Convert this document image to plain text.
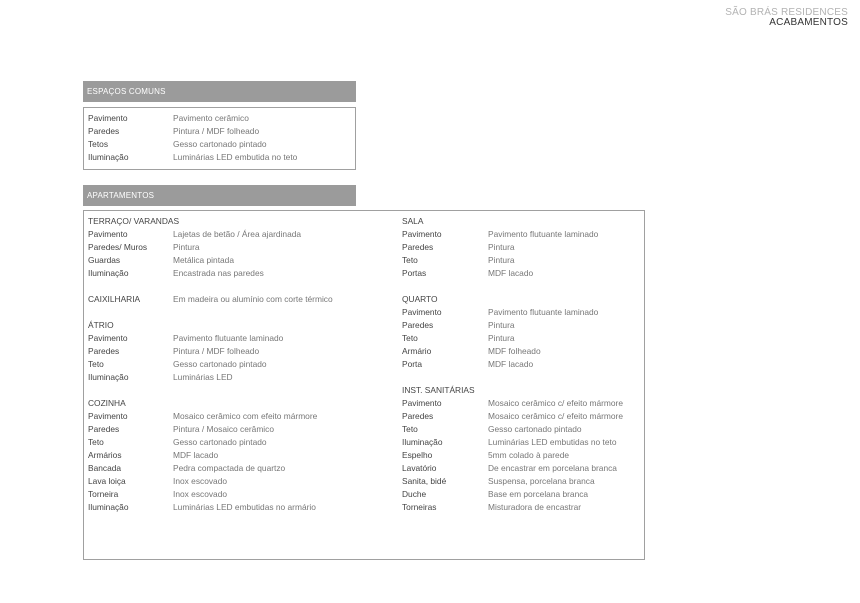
SÃO BRÁS RESIDENCES
ACABAMENTOS
ESPAÇOS COMUNS
Pavimento	Pavimento cerâmico
Paredes	Pintura / MDF folheado
Tetos	Gesso cartonado pintado
Iluminação	Luminárias LED embutida no teto
APARTAMENTOS
TERRAÇO/ VARANDAS
Pavimento	Lajetas de betão / Área ajardinada
Paredes/ Muros	Pintura
Guardas	Metálica pintada
Iluminação	Encastrada nas paredes
CAIXILHARIA	Em madeira ou alumínio com corte térmico
ÁTRIO
Pavimento	Pavimento flutuante laminado
Paredes	Pintura / MDF folheado
Teto	Gesso cartonado pintado
Iluminação	Luminárias LED
COZINHA
Pavimento	Mosaico cerâmico com efeito mármore
Paredes	Pintura / Mosaico cerâmico
Teto	Gesso cartonado pintado
Armários	MDF lacado
Bancada	Pedra compactada de quartzo
Lava loiça	Inox escovado
Torneira	Inox escovado
Iluminação	Luminárias LED embutidas no armário
SALA
Pavimento	Pavimento flutuante laminado
Paredes	Pintura
Teto	Pintura
Portas	MDF lacado
QUARTO
Pavimento	Pavimento flutuante laminado
Paredes	Pintura
Teto	Pintura
Armário	MDF folheado
Porta	MDF lacado
INST. SANITÁRIAS
Pavimento	Mosaico cerâmico c/ efeito mármore
Paredes	Mosaico cerâmico c/ efeito mármore
Teto	Gesso cartonado pintado
Iluminação	Luminárias LED embutidas no teto
Espelho	5mm colado à parede
Lavatório	De encastrar em porcelana branca
Sanita, bidé	Suspensa, porcelana branca
Duche	Base em porcelana branca
Torneiras	Misturadora de encastrar
